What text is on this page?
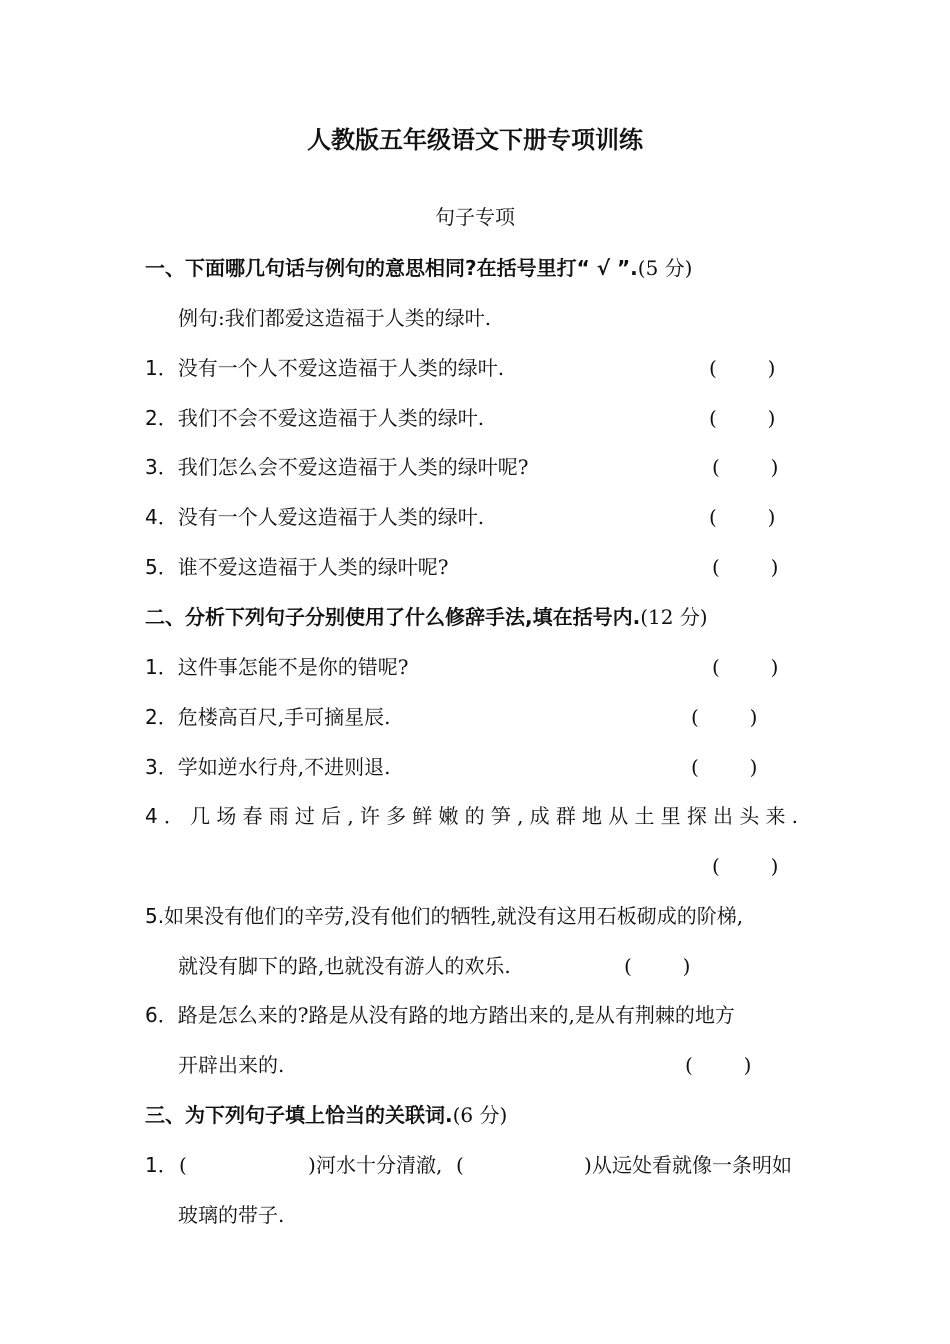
人教版五年级语文下册专项训练
句子专项
一、下面哪几句话与例句的意思相同?在括号里打“ √ ”.(5 分)
例句:我们都爱这造福于人类的绿叶.
1．没有一个人不爱这造福于人类的绿叶.	(        )
2．我们不会不爱这造福于人类的绿叶.	(        )
3．我们怎么会不爱这造福于人类的绿叶呢?	(        )
4．没有一个人爱这造福于人类的绿叶.	(        )
5．谁不爱这造福于人类的绿叶呢?	(        )
二、分析下列句子分别使用了什么修辞手法,填在括号内.(12 分)
1．这件事怎能不是你的错呢?	(        )
2．危楼高百尺,手可摘星辰.	(        )
3．学如逆水行舟,不进则退.	(        )
4．几场春雨过后,许多鲜嫩的笋,成群地从土里探出头来.
(        )
5.如果没有他们的辛劳,没有他们的牺牲,就没有这用石板砌成的阶梯,
就没有脚下的路,也就没有游人的欢乐.	(        )
6．路是怎么来的?路是从没有路的地方踏出来的,是从有荆棘的地方
开辟出来的.	(        )
三、为下列句子填上恰当的关联词.(6 分)
1． (	) 河水十分清澈, (	) 从远处看就像一条明如
玻璃的带子.
